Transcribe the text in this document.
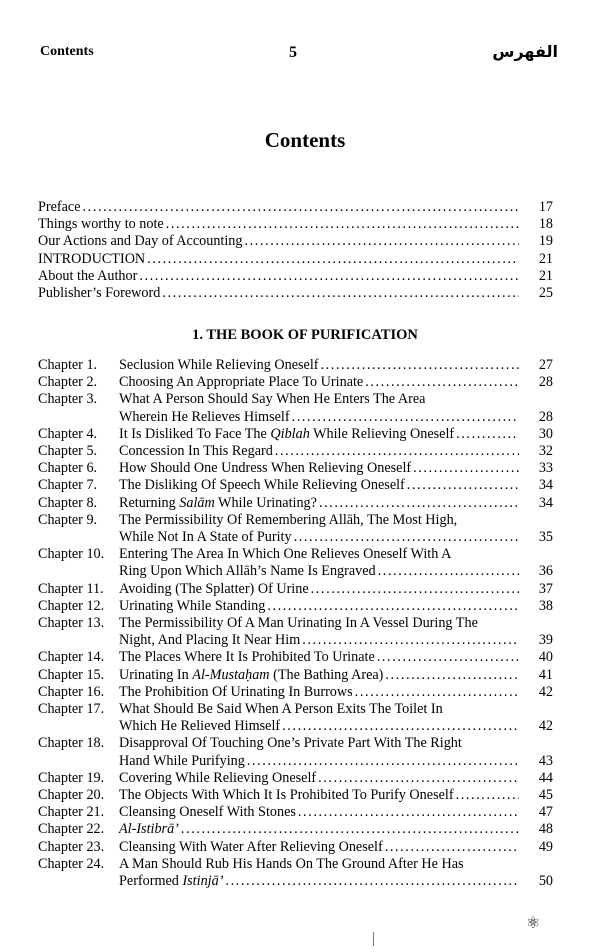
Contents	5	الفهرس
Contents
Preface .....	17
Things worthy to note .....	18
Our Actions and Day of Accounting .....	19
INTRODUCTION .....	21
About the Author .....	21
Publisher’s Foreword .....	25
1. THE BOOK OF PURIFICATION
Chapter 1.	Seclusion While Relieving Oneself .....	27
Chapter 2.	Choosing An Appropriate Place To Urinate .....	28
Chapter 3.	What A Person Should Say When He Enters The Area
Wherein He Relieves Himself .....	28
Chapter 4.	It Is Disliked To Face The Qiblah While Relieving Oneself .....	30
Chapter 5.	Concession In This Regard .....	32
Chapter 6.	How Should One Undress When Relieving Oneself .....	33
Chapter 7.	The Disliking Of Speech While Relieving Oneself .....	34
Chapter 8.	Returning Salām While Urinating? .....	34
Chapter 9.	The Permissibility Of Remembering Allāh, The Most High,
While Not In A State of Purity .....	35
Chapter 10.	Entering The Area In Which One Relieves Oneself With A
Ring Upon Which Allāh’s Name Is Engraved .....	36
Chapter 11.	Avoiding (The Splatter) Of Urine .....	37
Chapter 12.	Urinating While Standing .....	38
Chapter 13.	The Permissibility Of A Man Urinating In A Vessel During The
Night, And Placing It Near Him .....	39
Chapter 14.	The Places Where It Is Prohibited To Urinate .....	40
Chapter 15.	Urinating In Al-Mustaḥam (The Bathing Area) .....	41
Chapter 16.	The Prohibition Of Urinating In Burrows .....	42
Chapter 17.	What Should Be Said When A Person Exits The Toilet In
Which He Relieved Himself .....	42
Chapter 18.	Disapproval Of Touching One’s Private Part With The Right
Hand While Purifying .....	43
Chapter 19.	Covering While Relieving Oneself .....	44
Chapter 20.	The Objects With Which It Is Prohibited To Purify Oneself .....	45
Chapter 21.	Cleansing Oneself With Stones .....	47
Chapter 22.	Al-Istibrā’ .....	48
Chapter 23.	Cleansing With Water After Relieving Oneself .....	49
Chapter 24.	A Man Should Rub His Hands On The Ground After He Has
Performed Istinjā’ .....	50
⚛
